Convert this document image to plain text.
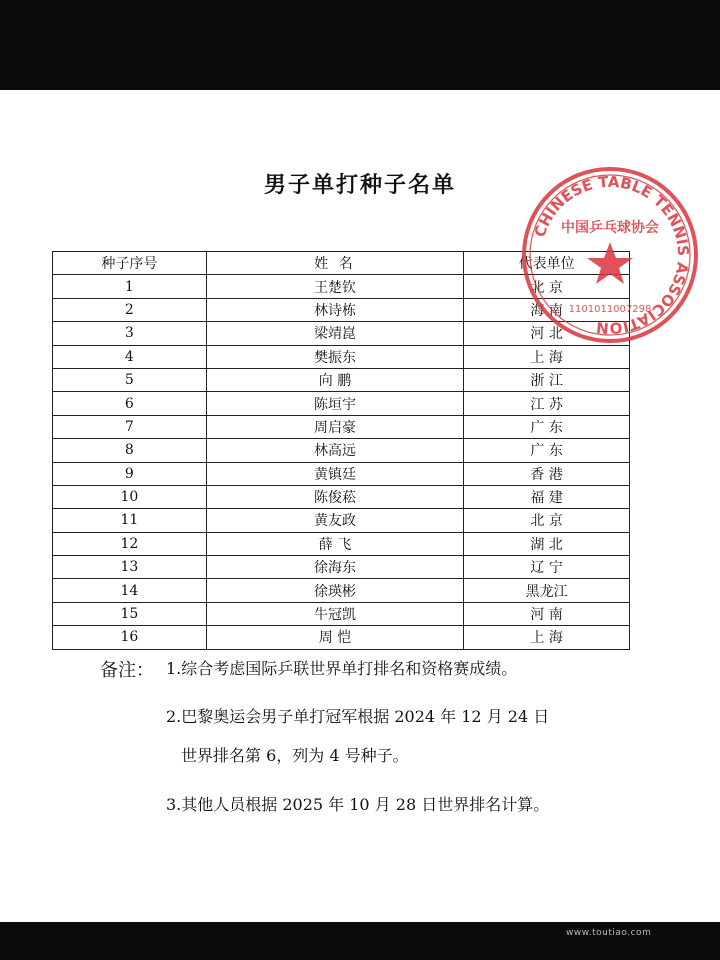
男子单打种子名单
种子序号	姓 名	代表单位
1	王楚钦	北 京
2	林诗栋	海 南
3	梁靖崑	河 北
4	樊振东	上 海
5	向 鹏	浙 江
6	陈垣宇	江 苏
7	周启豪	广 东
8	林高远	广 东
9	黄镇廷	香 港
10	陈俊菘	福 建
11	黄友政	北 京
12	薛 飞	湖 北
13	徐海东	辽 宁
14	徐瑛彬	黑龙江
15	牛冠凯	河 南
16	周 恺	上 海
备注： 1.综合考虑国际乒联世界单打排名和资格赛成绩。
2.巴黎奥运会男子单打冠军根据 2024 年 12 月 24 日
世界排名第 6，列为 4 号种子。
3.其他人员根据 2025 年 10 月 28 日世界排名计算。
CHINESE TABLE TENNIS ASSOCIATION
中国乒乓球协会
1101011007298
www.toutiao.com
